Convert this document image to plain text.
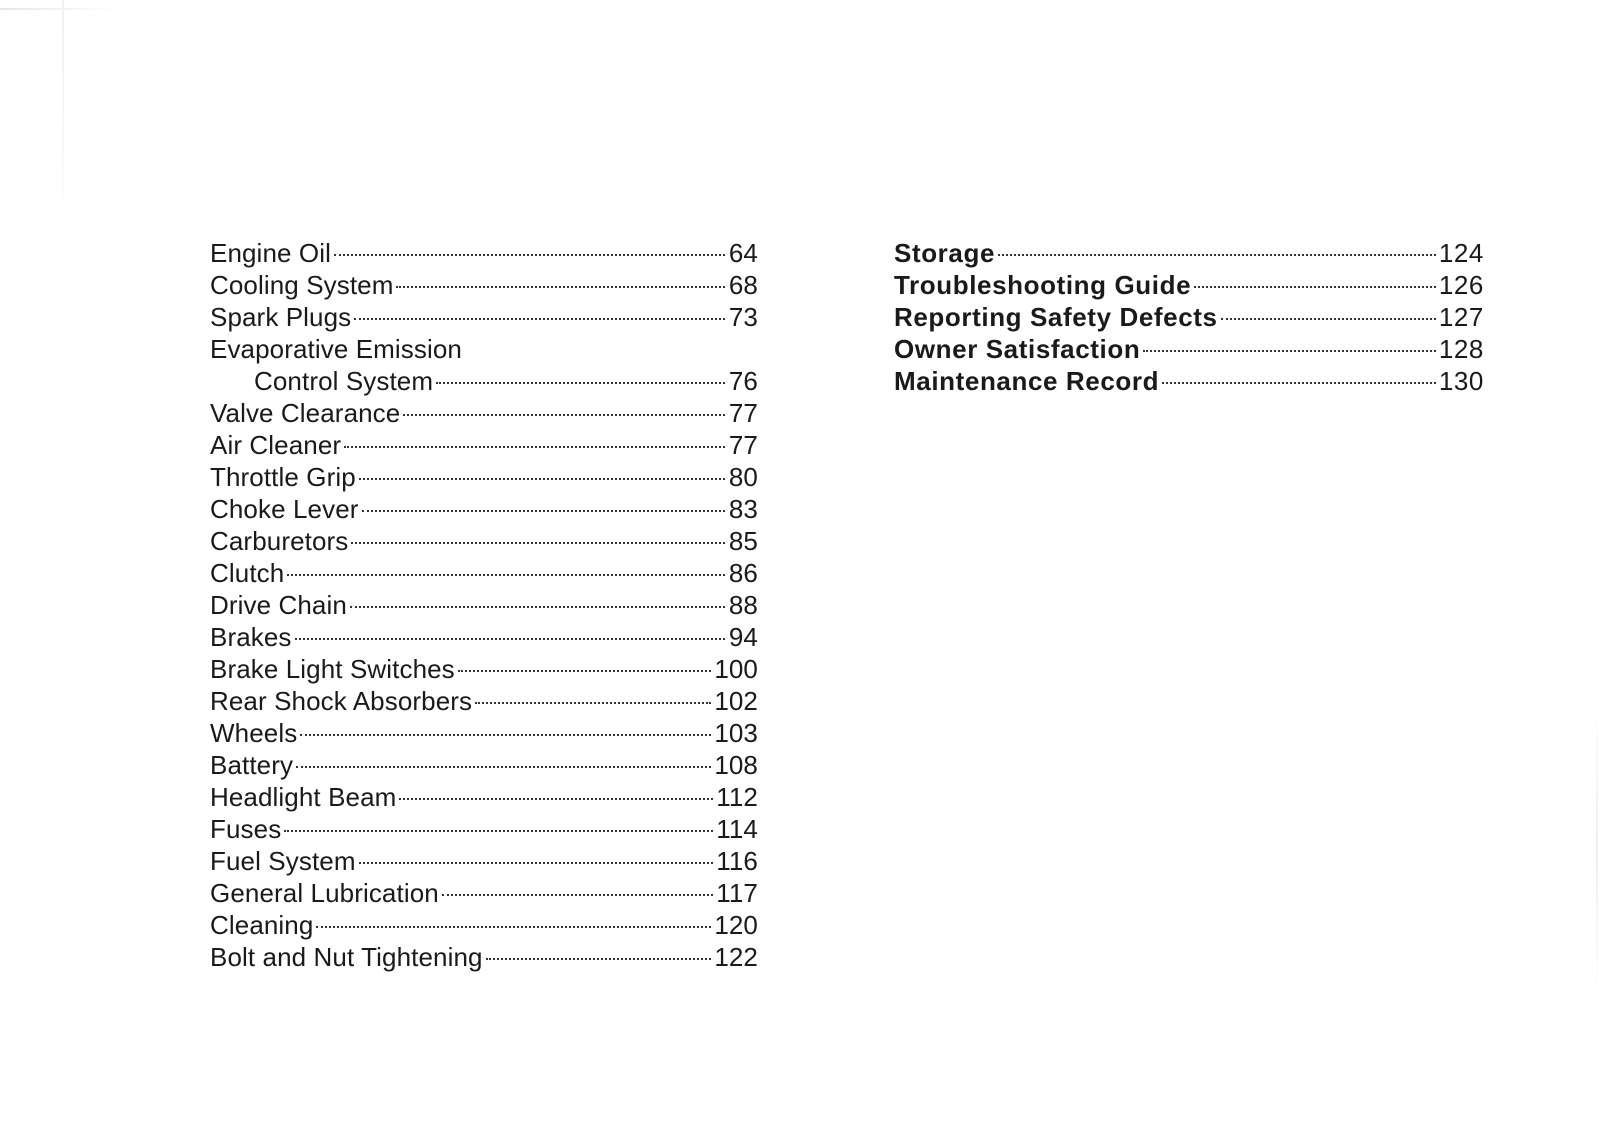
Engine Oil	64
Cooling System	68
Spark Plugs	73
Evaporative Emission
Control System	76
Valve Clearance	77
Air Cleaner	77
Throttle Grip	80
Choke Lever	83
Carburetors	85
Clutch	86
Drive Chain	88
Brakes	94
Brake Light Switches	100
Rear Shock Absorbers	102
Wheels	103
Battery	108
Headlight Beam	112
Fuses	114
Fuel System	116
General Lubrication	117
Cleaning	120
Bolt and Nut Tightening	122
Storage	124
Troubleshooting Guide	126
Reporting Safety Defects	127
Owner Satisfaction	128
Maintenance Record	130
